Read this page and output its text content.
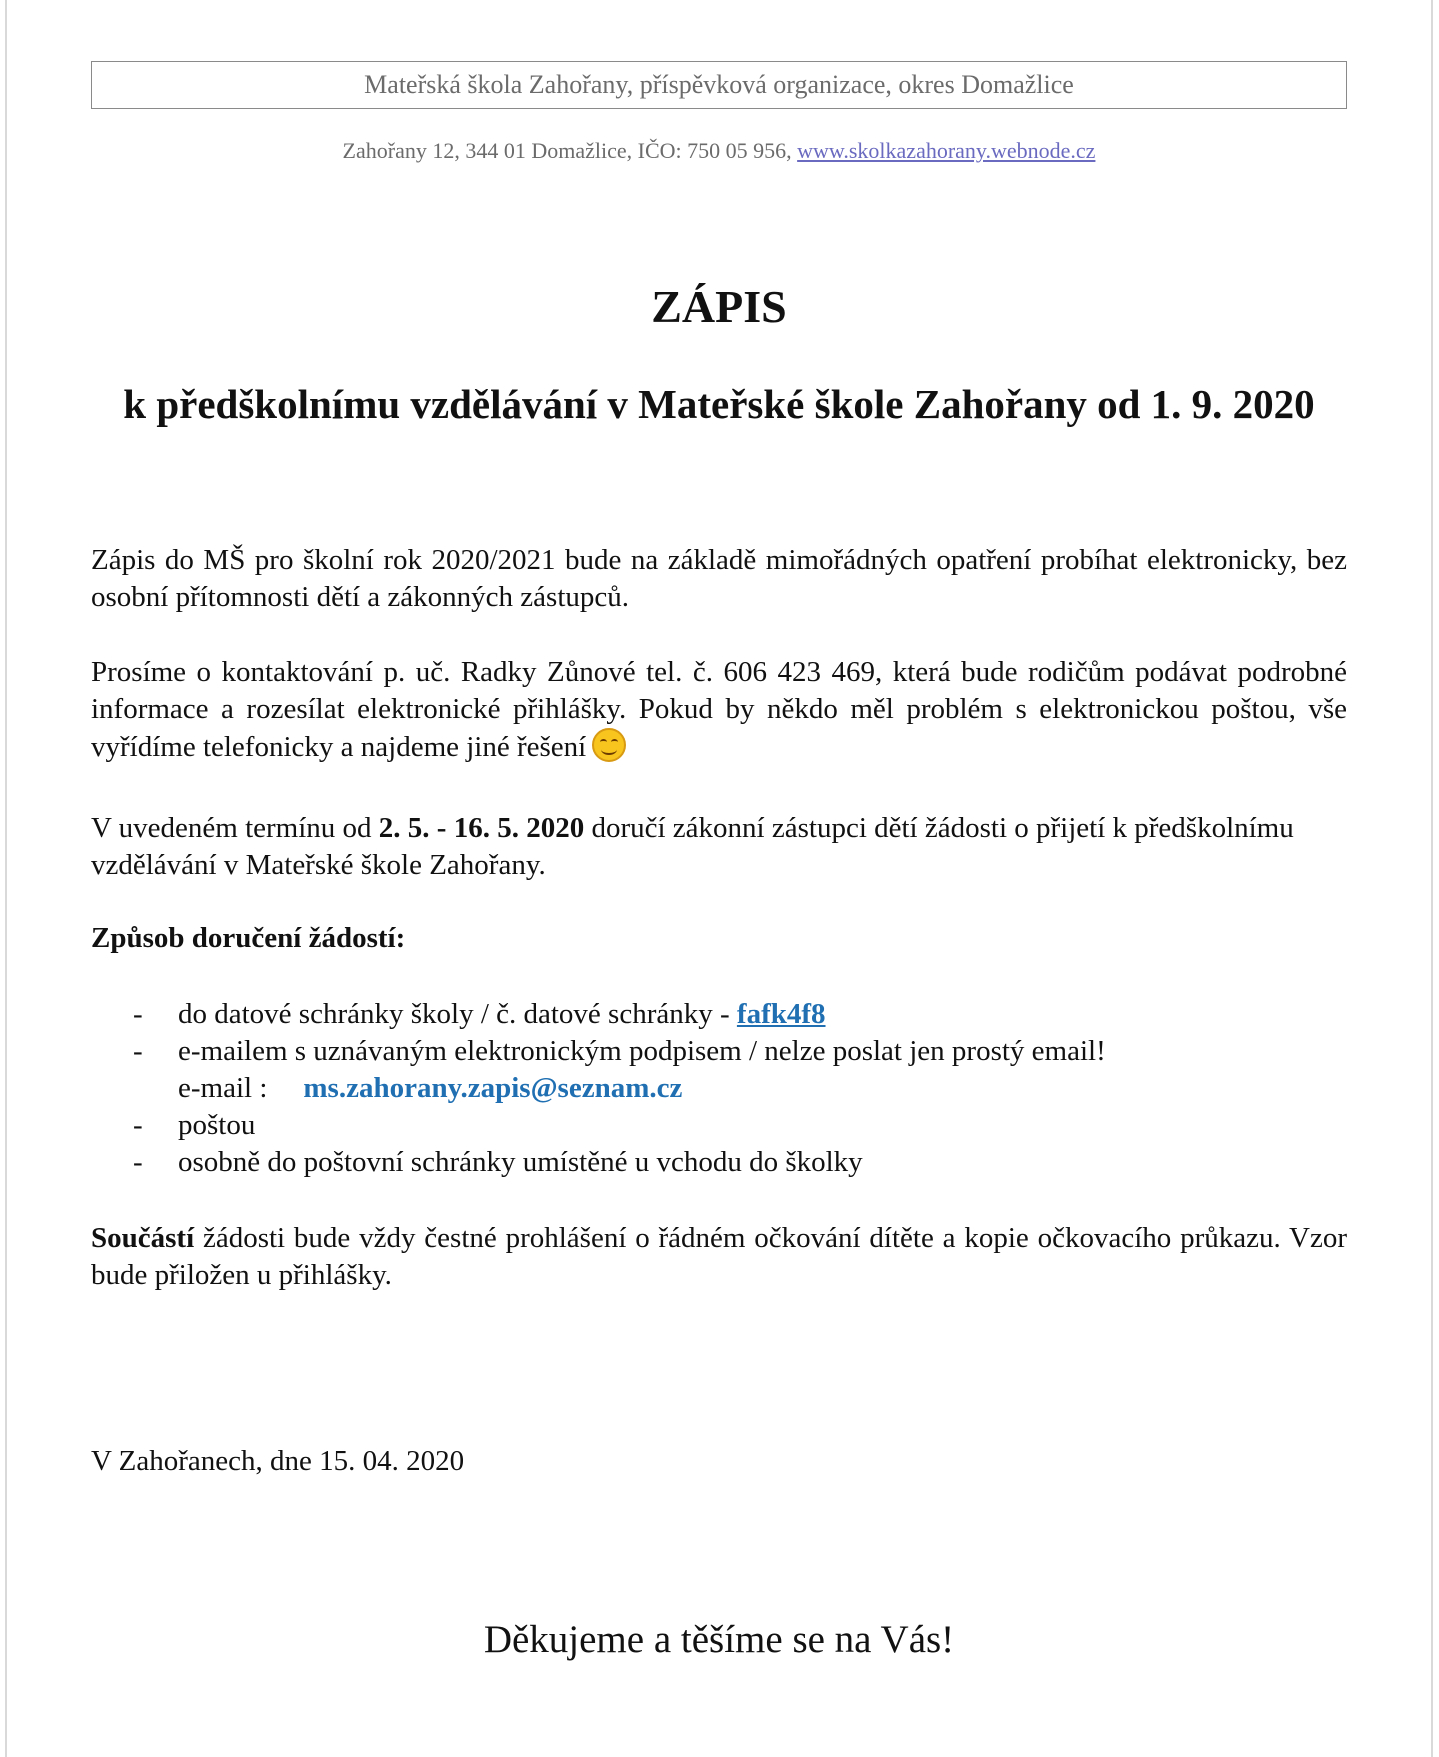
Mateřská škola Zahořany, příspěvková organizace, okres Domažlice
Zahořany 12, 344 01 Domažlice, IČO: 750 05 956, www.skolkazahorany.webnode.cz
ZÁPIS
k předškolnímu vzdělávání v Mateřské škole Zahořany od 1. 9. 2020

Zápis do MŠ pro školní rok 2020/2021 bude na základě mimořádných opatření probíhat elektronicky, bez osobní přítomnosti dětí a zákonných zástupců.

Prosíme o kontaktování p. uč. Radky Zůnové tel. č. 606 423 469, která bude rodičům podávat podrobné informace a rozesílat elektronické přihlášky. Pokud by někdo měl problém s elektronickou poštou, vše vyřídíme telefonicky a najdeme jiné řešení

V uvedeném termínu od 2. 5. - 16. 5. 2020 doručí zákonní zástupci dětí žádosti o přijetí k předškolnímu vzdělávání v Mateřské škole Zahořany.

Způsob doručení žádostí:

- do datové schránky školy / č. datové schránky - fafk4f8
- e-mailem s uznávaným elektronickým podpisem / nelze poslat jen prostý email!
e-mail : ms.zahorany.zapis@seznam.cz
- poštou
- osobně do poštovní schránky umístěné u vchodu do školky

Součástí žádosti bude vždy čestné prohlášení o řádném očkování dítěte a kopie očkovacího průkazu. Vzor bude přiložen u přihlášky.

V Zahořanech, dne 15. 04. 2020

Děkujeme a těšíme se na Vás!
